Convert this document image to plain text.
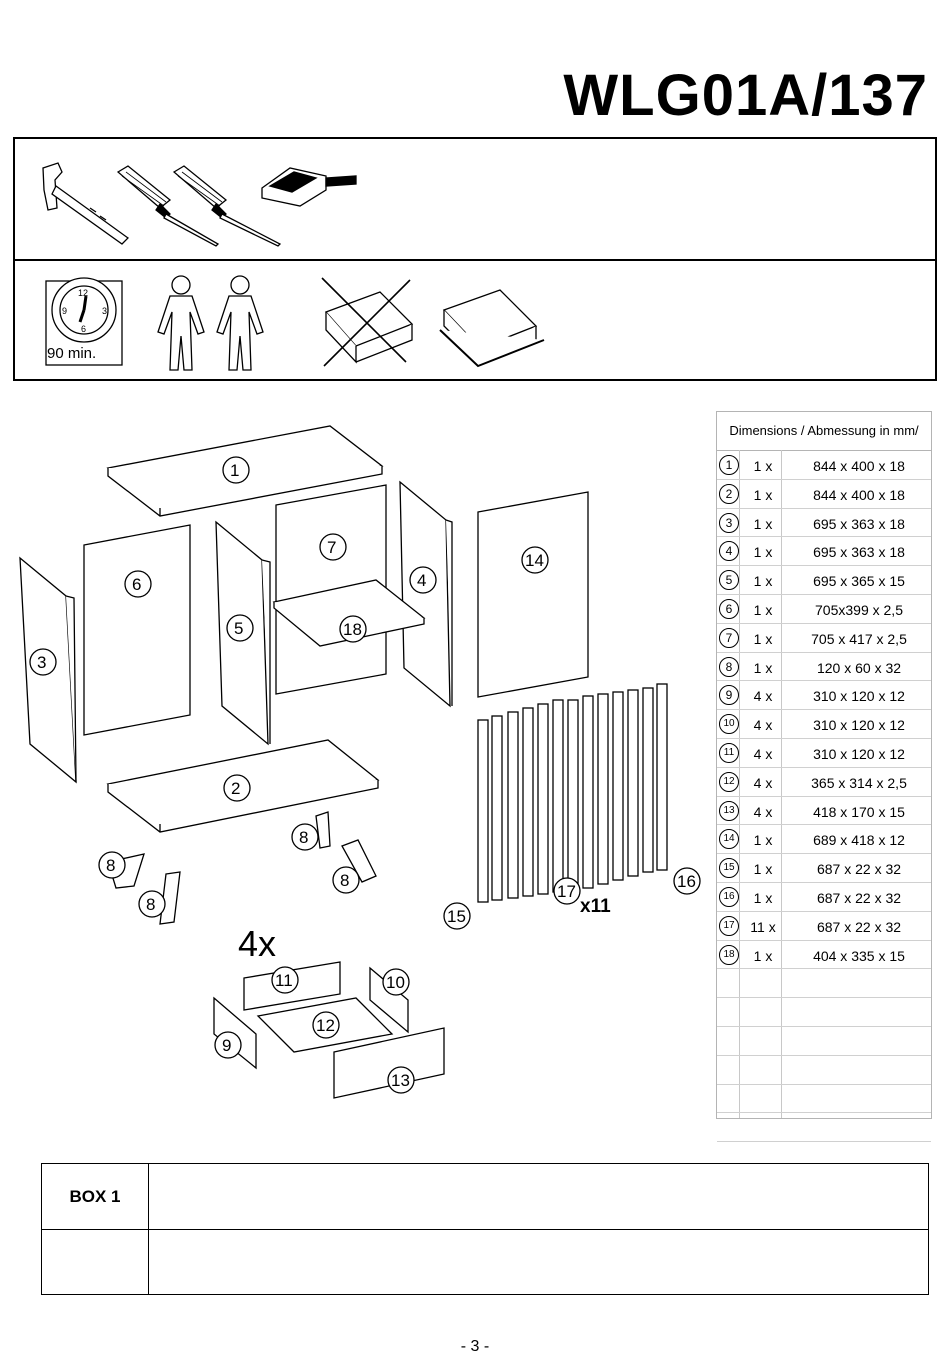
WLG01A/137
12
6
9	3
90 min.
1
2
3
4
5
6
7
8
8
8
8
9
10
11
12
13
14
15
16
17
18
x11
4x
Dimensions / Abmessung in mm/
1	1 x	844 x 400 x 18
2	1 x	844 x 400 x 18
3	1 x	695 x 363 x 18
4	1 x	695 x 363 x 18
5	1 x	695 x 365 x 15
6	1 x	705x399 x 2,5
7	1 x	705 x 417 x 2,5
8	1 x	120 x 60 x 32
9	4 x	310 x 120 x 12
10	4 x	310 x 120 x 12
11	4 x	310 x 120 x 12
12	4 x	365 x 314 x 2,5
13	4 x	418 x 170 x 15
14	1 x	689 x 418 x 12
15	1 x	687 x 22 x 32
16	1 x	687 x 22 x 32
17	11 x	687 x 22 x 32
18	1 x	404 x 335 x 15
BOX 1
- 3 -
